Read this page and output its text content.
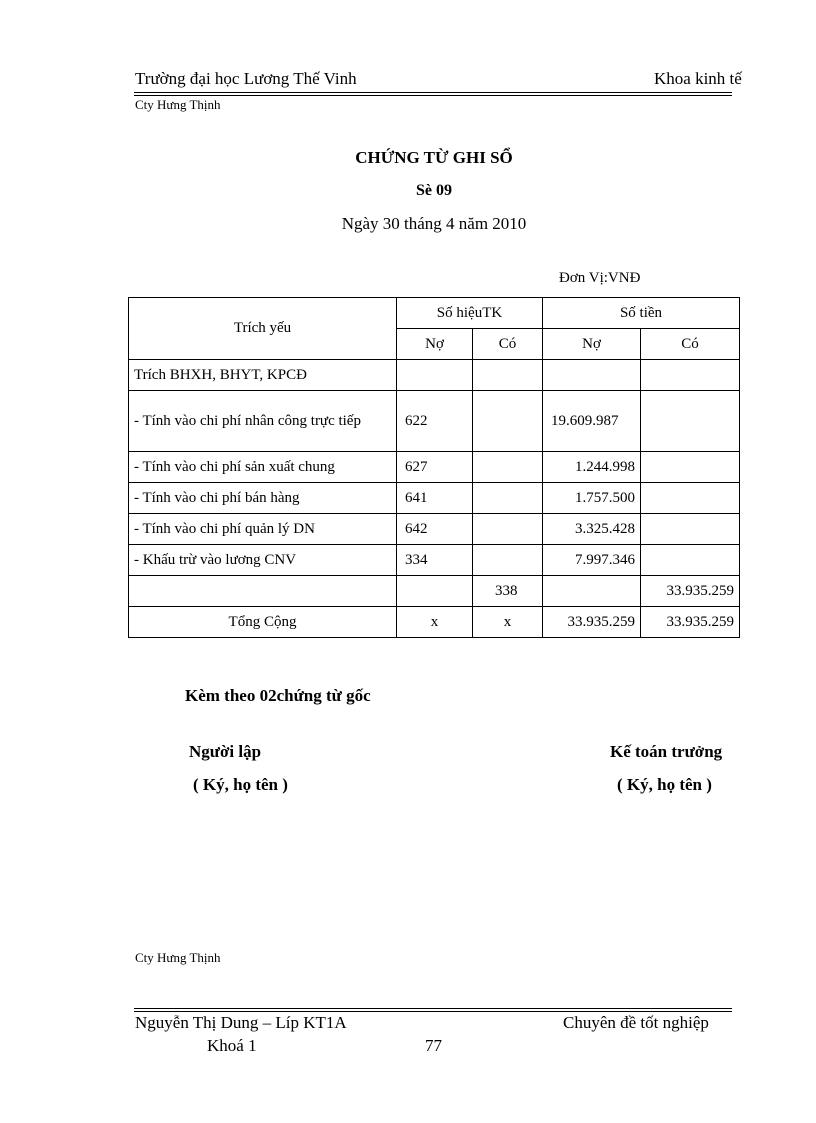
Trường đại học Lương Thế Vinh	Khoa kinh tế
Cty Hưng Thịnh
CHỨNG TỪ GHI SỔ
Sè 09
Ngày 30 tháng 4 năm 2010
Đơn Vị:VNĐ
Trích yếu	Số hiệuTK		Số tiền	
	Nợ	Có	Nợ	Có
Trích BHXH, BHYT, KPCĐ				
- Tính vào chi phí nhân công trực tiếp	622		19.609.987	
- Tính vào chi phí sản xuất chung	627		1.244.998	
- Tính vào chi phí bán hàng	641		1.757.500	
- Tính vào chi phí quản lý DN	642		3.325.428	
- Khấu trừ vào lương CNV	334		7.997.346	
		338		33.935.259
Tổng Cộng	x	x	33.935.259	33.935.259
Kèm theo 02chứng từ gốc
Người lập
( Ký, họ tên )
Kế toán trưởng
( Ký, họ tên )
Cty Hưng Thịnh
Nguyễn Thị Dung – Líp KT1A	Chuyên đề tốt nghiệp
Khoá 1	77
